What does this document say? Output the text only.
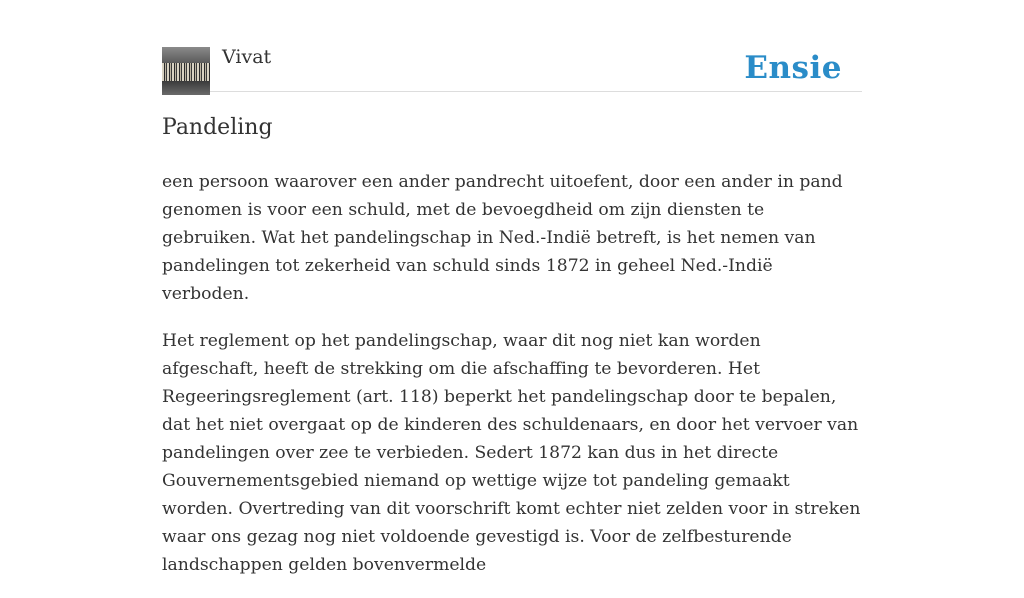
Vivat	Ensie
Pandeling

een persoon waarover een ander pandrecht uitoefent, door een ander in pand genomen is voor een schuld, met de bevoegdheid om zijn diensten te gebruiken. Wat het pandelingschap in Ned.-Indië betreft, is het nemen van pandelingen tot zekerheid van schuld sinds 1872 in geheel Ned.-Indië verboden.

Het reglement op het pandelingschap, waar dit nog niet kan worden afgeschaft, heeft de strekking om die afschaffing te bevorderen. Het Regeeringsreglement (art. 118) beperkt het pandelingschap door te bepalen, dat het niet overgaat op de kinderen des schuldenaars, en door het vervoer van pandelingen over zee te verbieden. Sedert 1872 kan dus in het directe Gouvernementsgebied niemand op wettige wijze tot pandeling gemaakt worden. Overtreding van dit voorschrift komt echter niet zelden voor in streken waar ons gezag nog niet voldoende gevestigd is. Voor de zelfbesturende landschappen gelden bovenvermelde
